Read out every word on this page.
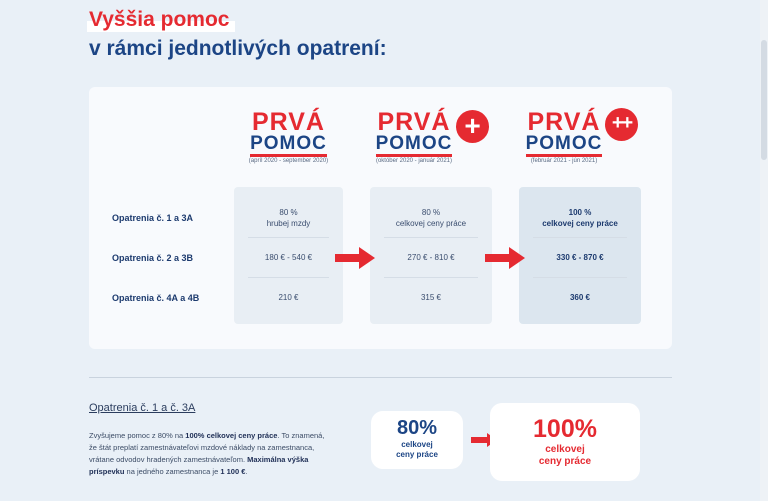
Vyššia pomoc
v rámci jednotlivých opatrení:
PRVÁ
POMOC
(apríl 2020 - september 2020)
PRVÁ
POMOC
(október 2020 - január 2021)
+	PRVÁ
POMOC
(február 2021 - jún 2021)
++
Opatrenia č. 1 a 3A
Opatrenia č. 2 a 3B
Opatrenia č. 4A a 4B
80 %
hrubej mzdy
180 € - 540 €
210 €
80 %
celkovej ceny práce
270 € - 810 €
315 €
100 %
celkovej ceny práce
330 € - 870 €
360 €
Opatrenia č. 1 a č. 3A
Zvyšujeme pomoc z 80% na 100% celkovej ceny práce. To znamená, že štát preplatí zamestnávateľovi mzdové náklady na zamestnanca, vrátane odvodov hradených zamestnávateľom. Maximálna výška príspevku na jedného zamestnanca je 1 100 €.
80%
celkovej
ceny práce
100%
celkovej
ceny práce
